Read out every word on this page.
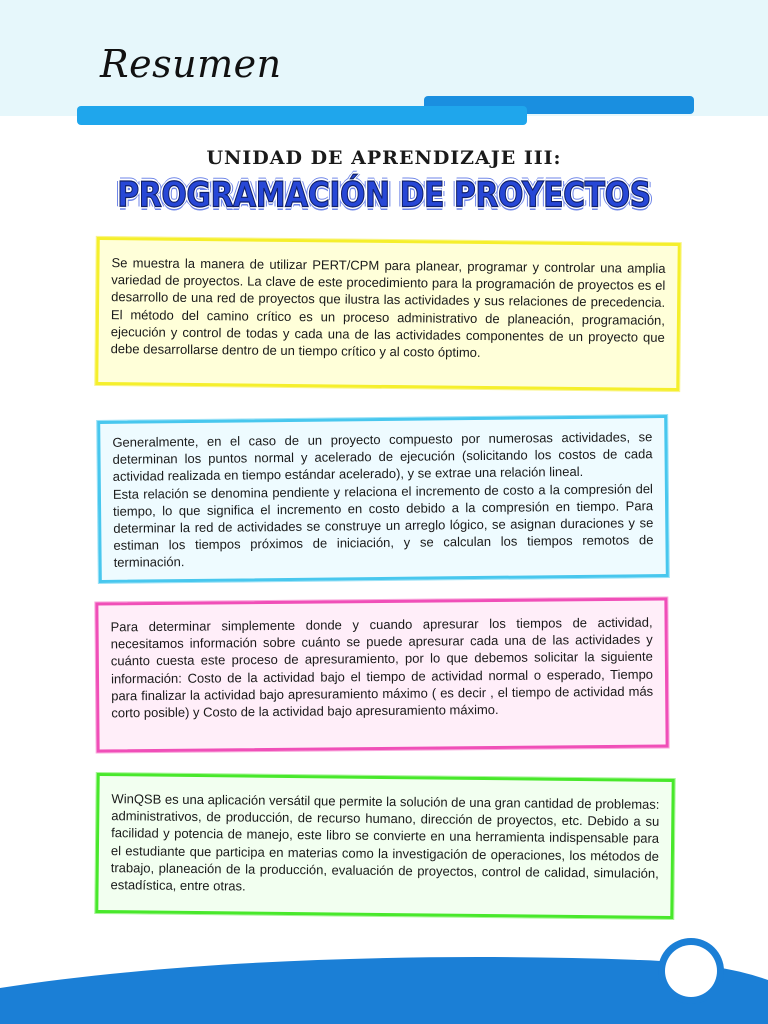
Resumen
UNIDAD DE APRENDIZAJE III:
PROGRAMACIÓN DE PROYECTOS

Se muestra la manera de utilizar PERT/CPM para planear, programar y controlar una amplia variedad de proyectos. La clave de este procedimiento para la programación de proyectos es el desarrollo de una red de proyectos que ilustra las actividades y sus relaciones de precedencia. El método del camino crítico es un proceso administrativo de planeación, programación, ejecución y control de todas y cada una de las actividades componentes de un proyecto que debe desarrollarse dentro de un tiempo crítico y al costo óptimo.

Generalmente, en el caso de un proyecto compuesto por numerosas actividades, se determinan los puntos normal y acelerado de ejecución (solicitando los costos de cada actividad realizada en tiempo estándar acelerado), y se extrae una relación lineal.

Esta relación se denomina pendiente y relaciona el incremento de costo a la compresión del tiempo, lo que significa el incremento en costo debido a la compresión en tiempo. Para determinar la red de actividades se construye un arreglo lógico, se asignan duraciones y se estiman los tiempos próximos de iniciación, y se calculan los tiempos remotos de terminación.

Para determinar simplemente donde y cuando apresurar los tiempos de actividad, necesitamos información sobre cuánto se puede apresurar cada una de las actividades y cuánto cuesta este proceso de apresuramiento, por lo que debemos solicitar la siguiente información: Costo de la actividad bajo el tiempo de actividad normal o esperado, Tiempo para finalizar la actividad bajo apresuramiento máximo ( es decir , el tiempo de actividad más corto posible) y Costo de la actividad bajo apresuramiento máximo.

WinQSB es una aplicación versátil que permite la solución de una gran cantidad de problemas: administrativos, de producción, de recurso humano, dirección de proyectos, etc. Debido a su facilidad y potencia de manejo, este libro se convierte en una herramienta indispensable para el estudiante que participa en materias como la investigación de operaciones, los métodos de trabajo, planeación de la producción, evaluación de proyectos, control de calidad, simulación, estadística, entre otras.
